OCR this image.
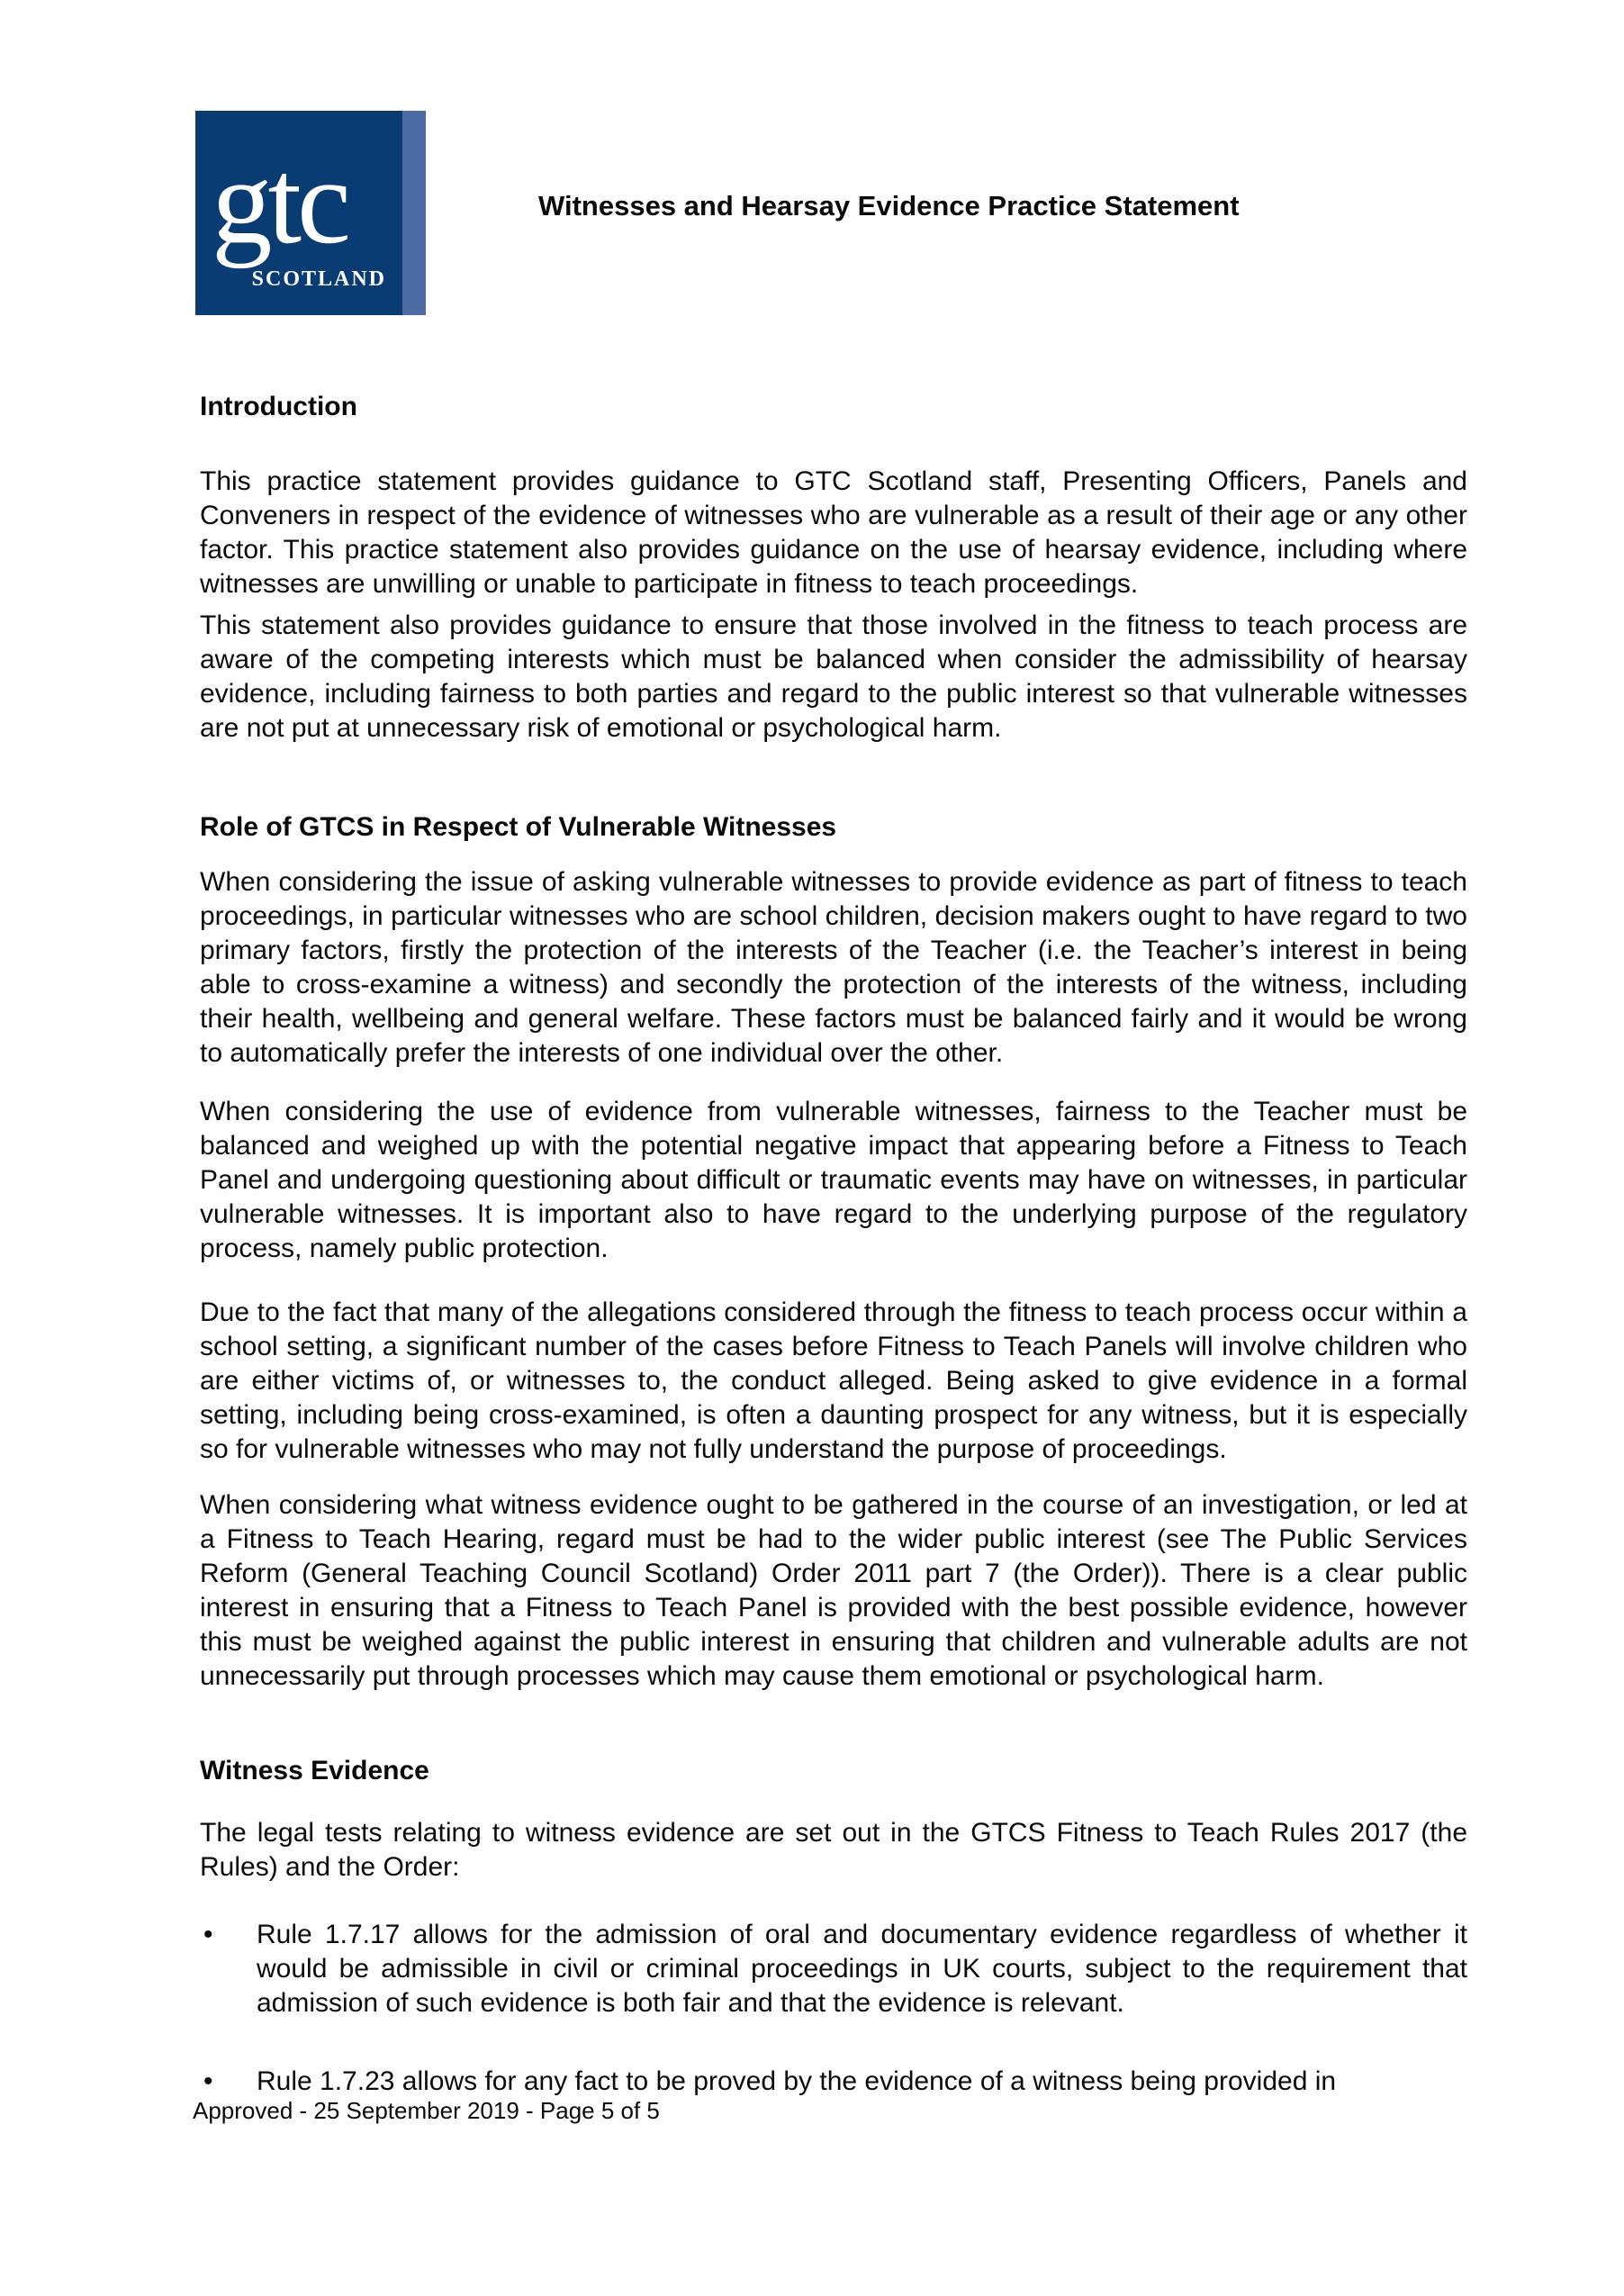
gtc
SCOTLAND
Witnesses and Hearsay Evidence Practice Statement
Introduction

This practice statement provides guidance to GTC Scotland staff, Presenting Officers, Panels and Conveners in respect of the evidence of witnesses who are vulnerable as a result of their age or any other factor. This practice statement also provides guidance on the use of hearsay evidence, including where witnesses are unwilling or unable to participate in fitness to teach proceedings.

This statement also provides guidance to ensure that those involved in the fitness to teach process are aware of the competing interests which must be balanced when consider the admissibility of hearsay evidence, including fairness to both parties and regard to the public interest so that vulnerable witnesses are not put at unnecessary risk of emotional or psychological harm.

Role of GTCS in Respect of Vulnerable Witnesses

When considering the issue of asking vulnerable witnesses to provide evidence as part of fitness to teach proceedings, in particular witnesses who are school children, decision makers ought to have regard to two primary factors, firstly the protection of the interests of the Teacher (i.e. the Teacher’s interest in being able to cross-examine a witness) and secondly the protection of the interests of the witness, including their health, wellbeing and general welfare. These factors must be balanced fairly and it would be wrong to automatically prefer the interests of one individual over the other.

When considering the use of evidence from vulnerable witnesses, fairness to the Teacher must be balanced and weighed up with the potential negative impact that appearing before a Fitness to Teach Panel and undergoing questioning about difficult or traumatic events may have on witnesses, in particular vulnerable witnesses. It is important also to have regard to the underlying purpose of the regulatory process, namely public protection.

Due to the fact that many of the allegations considered through the fitness to teach process occur within a school setting, a significant number of the cases before Fitness to Teach Panels will involve children who are either victims of, or witnesses to, the conduct alleged. Being asked to give evidence in a formal setting, including being cross-examined, is often a daunting prospect for any witness, but it is especially so for vulnerable witnesses who may not fully understand the purpose of proceedings.

When considering what witness evidence ought to be gathered in the course of an investigation, or led at a Fitness to Teach Hearing, regard must be had to the wider public interest (see The Public Services Reform (General Teaching Council Scotland) Order 2011 part 7 (the Order)). There is a clear public interest in ensuring that a Fitness to Teach Panel is provided with the best possible evidence, however this must be weighed against the public interest in ensuring that children and vulnerable adults are not unnecessarily put through processes which may cause them emotional or psychological harm.

Witness Evidence

The legal tests relating to witness evidence are set out in the GTCS Fitness to Teach Rules 2017 (the Rules) and the Order:

• Rule 1.7.17 allows for the admission of oral and documentary evidence regardless of whether it would be admissible in civil or criminal proceedings in UK courts, subject to the requirement that admission of such evidence is both fair and that the evidence is relevant.
• Rule 1.7.23 allows for any fact to be proved by the evidence of a witness being provided in
Approved - 25 September 2019 - Page 5 of 5
